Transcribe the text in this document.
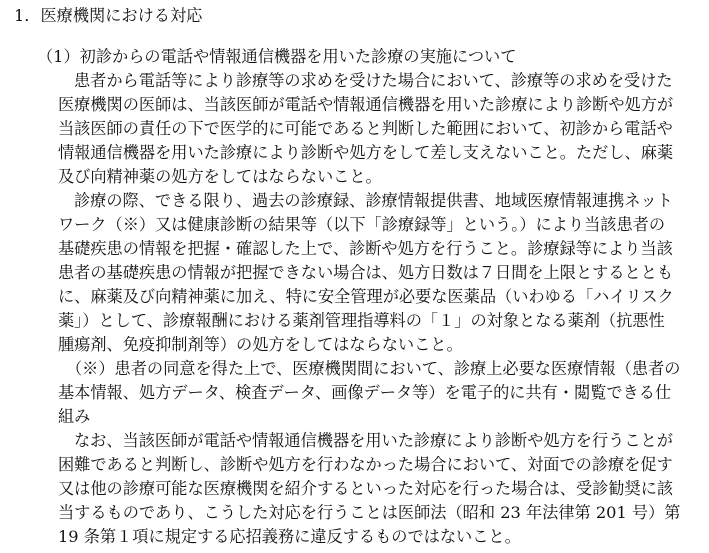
1．医療機関における対応
（1）初診からの電話や情報通信機器を用いた診療の実施について
患者から電話等により診療等の求めを受けた場合において、診療等の求めを受けた
医療機関の医師は、当該医師が電話や情報通信機器を用いた診療により診断や処方が
当該医師の責任の下で医学的に可能であると判断した範囲において、初診から電話や
情報通信機器を用いた診療により診断や処方をして差し支えないこと。ただし、麻薬
及び向精神薬の処方をしてはならないこと。
診療の際、できる限り、過去の診療録、診療情報提供書、地域医療情報連携ネット
ワーク（※）又は健康診断の結果等（以下「診療録等」という。）により当該患者の
基礎疾患の情報を把握・確認した上で、診断や処方を行うこと。診療録等により当該
患者の基礎疾患の情報が把握できない場合は、処方日数は７日間を上限とするととも
に、麻薬及び向精神薬に加え、特に安全管理が必要な医薬品（いわゆる「ハイリスク
薬」）として、診療報酬における薬剤管理指導料の「１」の対象となる薬剤（抗悪性
腫瘍剤、免疫抑制剤等）の処方をしてはならないこと。
（※）患者の同意を得た上で、医療機関間において、診療上必要な医療情報（患者の
基本情報、処方データ、検査データ、画像データ等）を電子的に共有・閲覧できる仕
組み
なお、当該医師が電話や情報通信機器を用いた診療により診断や処方を行うことが
困難であると判断し、診断や処方を行わなかった場合において、対面での診療を促す
又は他の診療可能な医療機関を紹介するといった対応を行った場合は、受診勧奨に該
当するものであり、こうした対応を行うことは医師法（昭和 23 年法律第 201 号）第
19 条第１項に規定する応招義務に違反するものではないこと。
